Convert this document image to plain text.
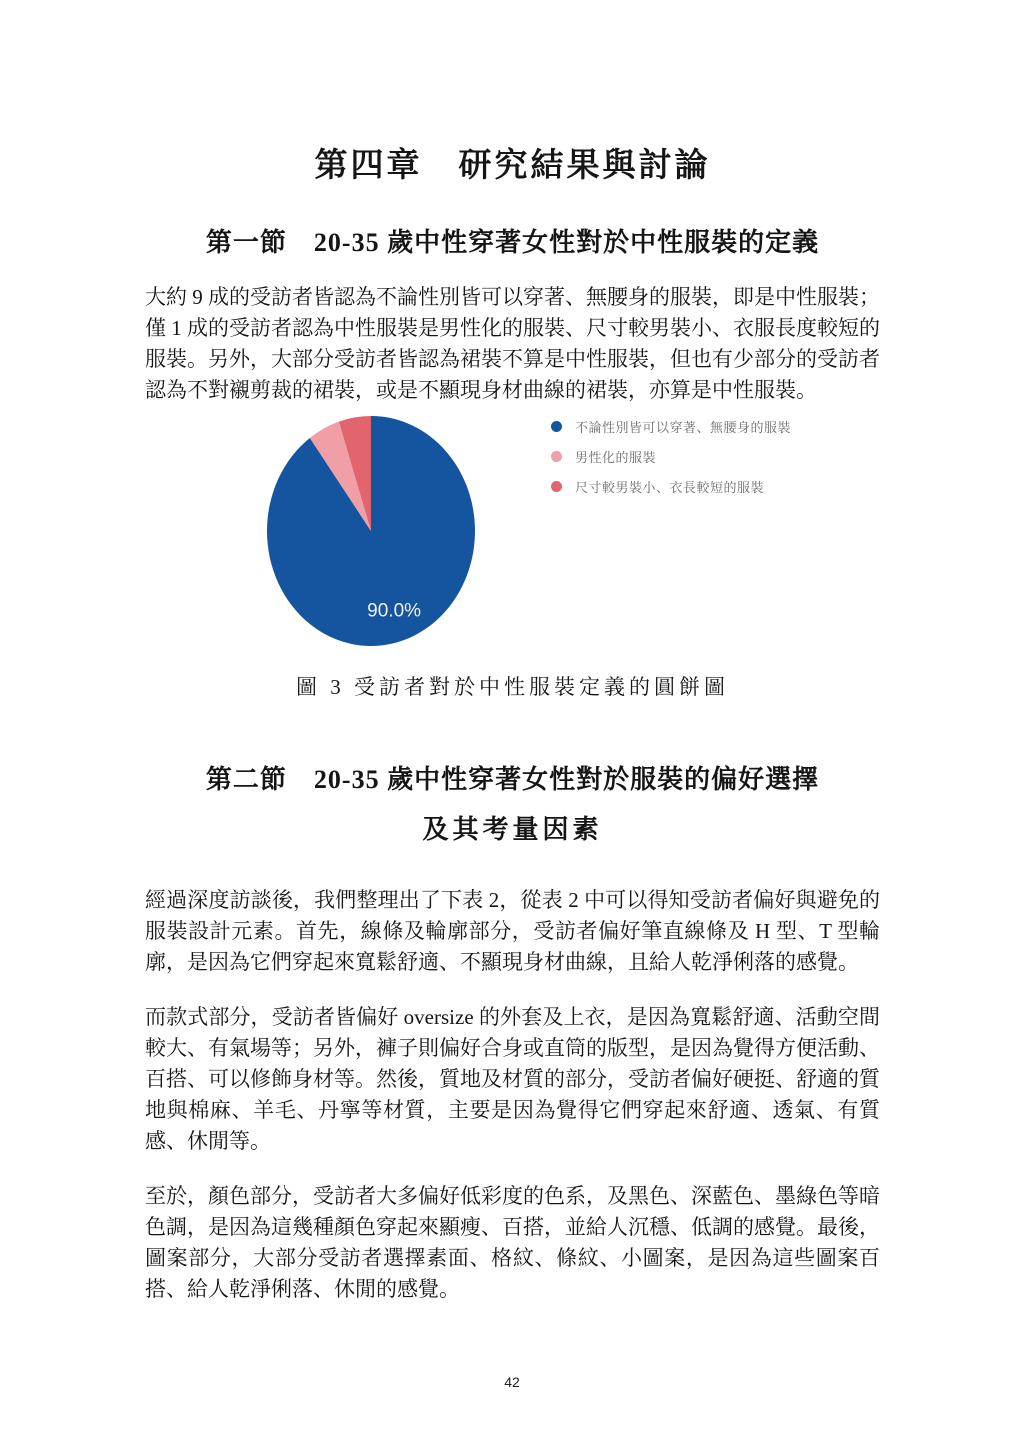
第四章　研究結果與討論
第一節　20-35 歲中性穿著女性對於中性服裝的定義

大約 9 成的受訪者皆認為不論性別皆可以穿著、無腰身的服裝，即是中性服裝；僅 1 成的受訪者認為中性服裝是男性化的服裝、尺寸較男裝小、衣服長度較短的服裝。另外，大部分受訪者皆認為裙裝不算是中性服裝，但也有少部分的受訪者認為不對襯剪裁的裙裝，或是不顯現身材曲線的裙裝，亦算是中性服裝。

90.0%
不論性別皆可以穿著、無腰身的服裝
男性化的服裝
尺寸較男裝小、衣長較短的服裝
圖 3 受訪者對於中性服裝定義的圓餅圖
第二節　20-35 歲中性穿著女性對於服裝的偏好選擇
及其考量因素

經過深度訪談後，我們整理出了下表 2，從表 2 中可以得知受訪者偏好與避免的服裝設計元素。首先，線條及輪廓部分，受訪者偏好筆直線條及 H 型、T 型輪廓，是因為它們穿起來寬鬆舒適、不顯現身材曲線，且給人乾淨俐落的感覺。

而款式部分，受訪者皆偏好 oversize 的外套及上衣，是因為寬鬆舒適、活動空間較大、有氣場等；另外，褲子則偏好合身或直筒的版型，是因為覺得方便活動、百搭、可以修飾身材等。然後，質地及材質的部分，受訪者偏好硬挺、舒適的質地與棉麻、羊毛、丹寧等材質，主要是因為覺得它們穿起來舒適、透氣、有質感、休閒等。

至於，顏色部分，受訪者大多偏好低彩度的色系，及黑色、深藍色、墨綠色等暗色調，是因為這幾種顏色穿起來顯瘦、百搭，並給人沉穩、低調的感覺。最後，圖案部分，大部分受訪者選擇素面、格紋、條紋、小圖案，是因為這些圖案百搭、給人乾淨俐落、休閒的感覺。

42
